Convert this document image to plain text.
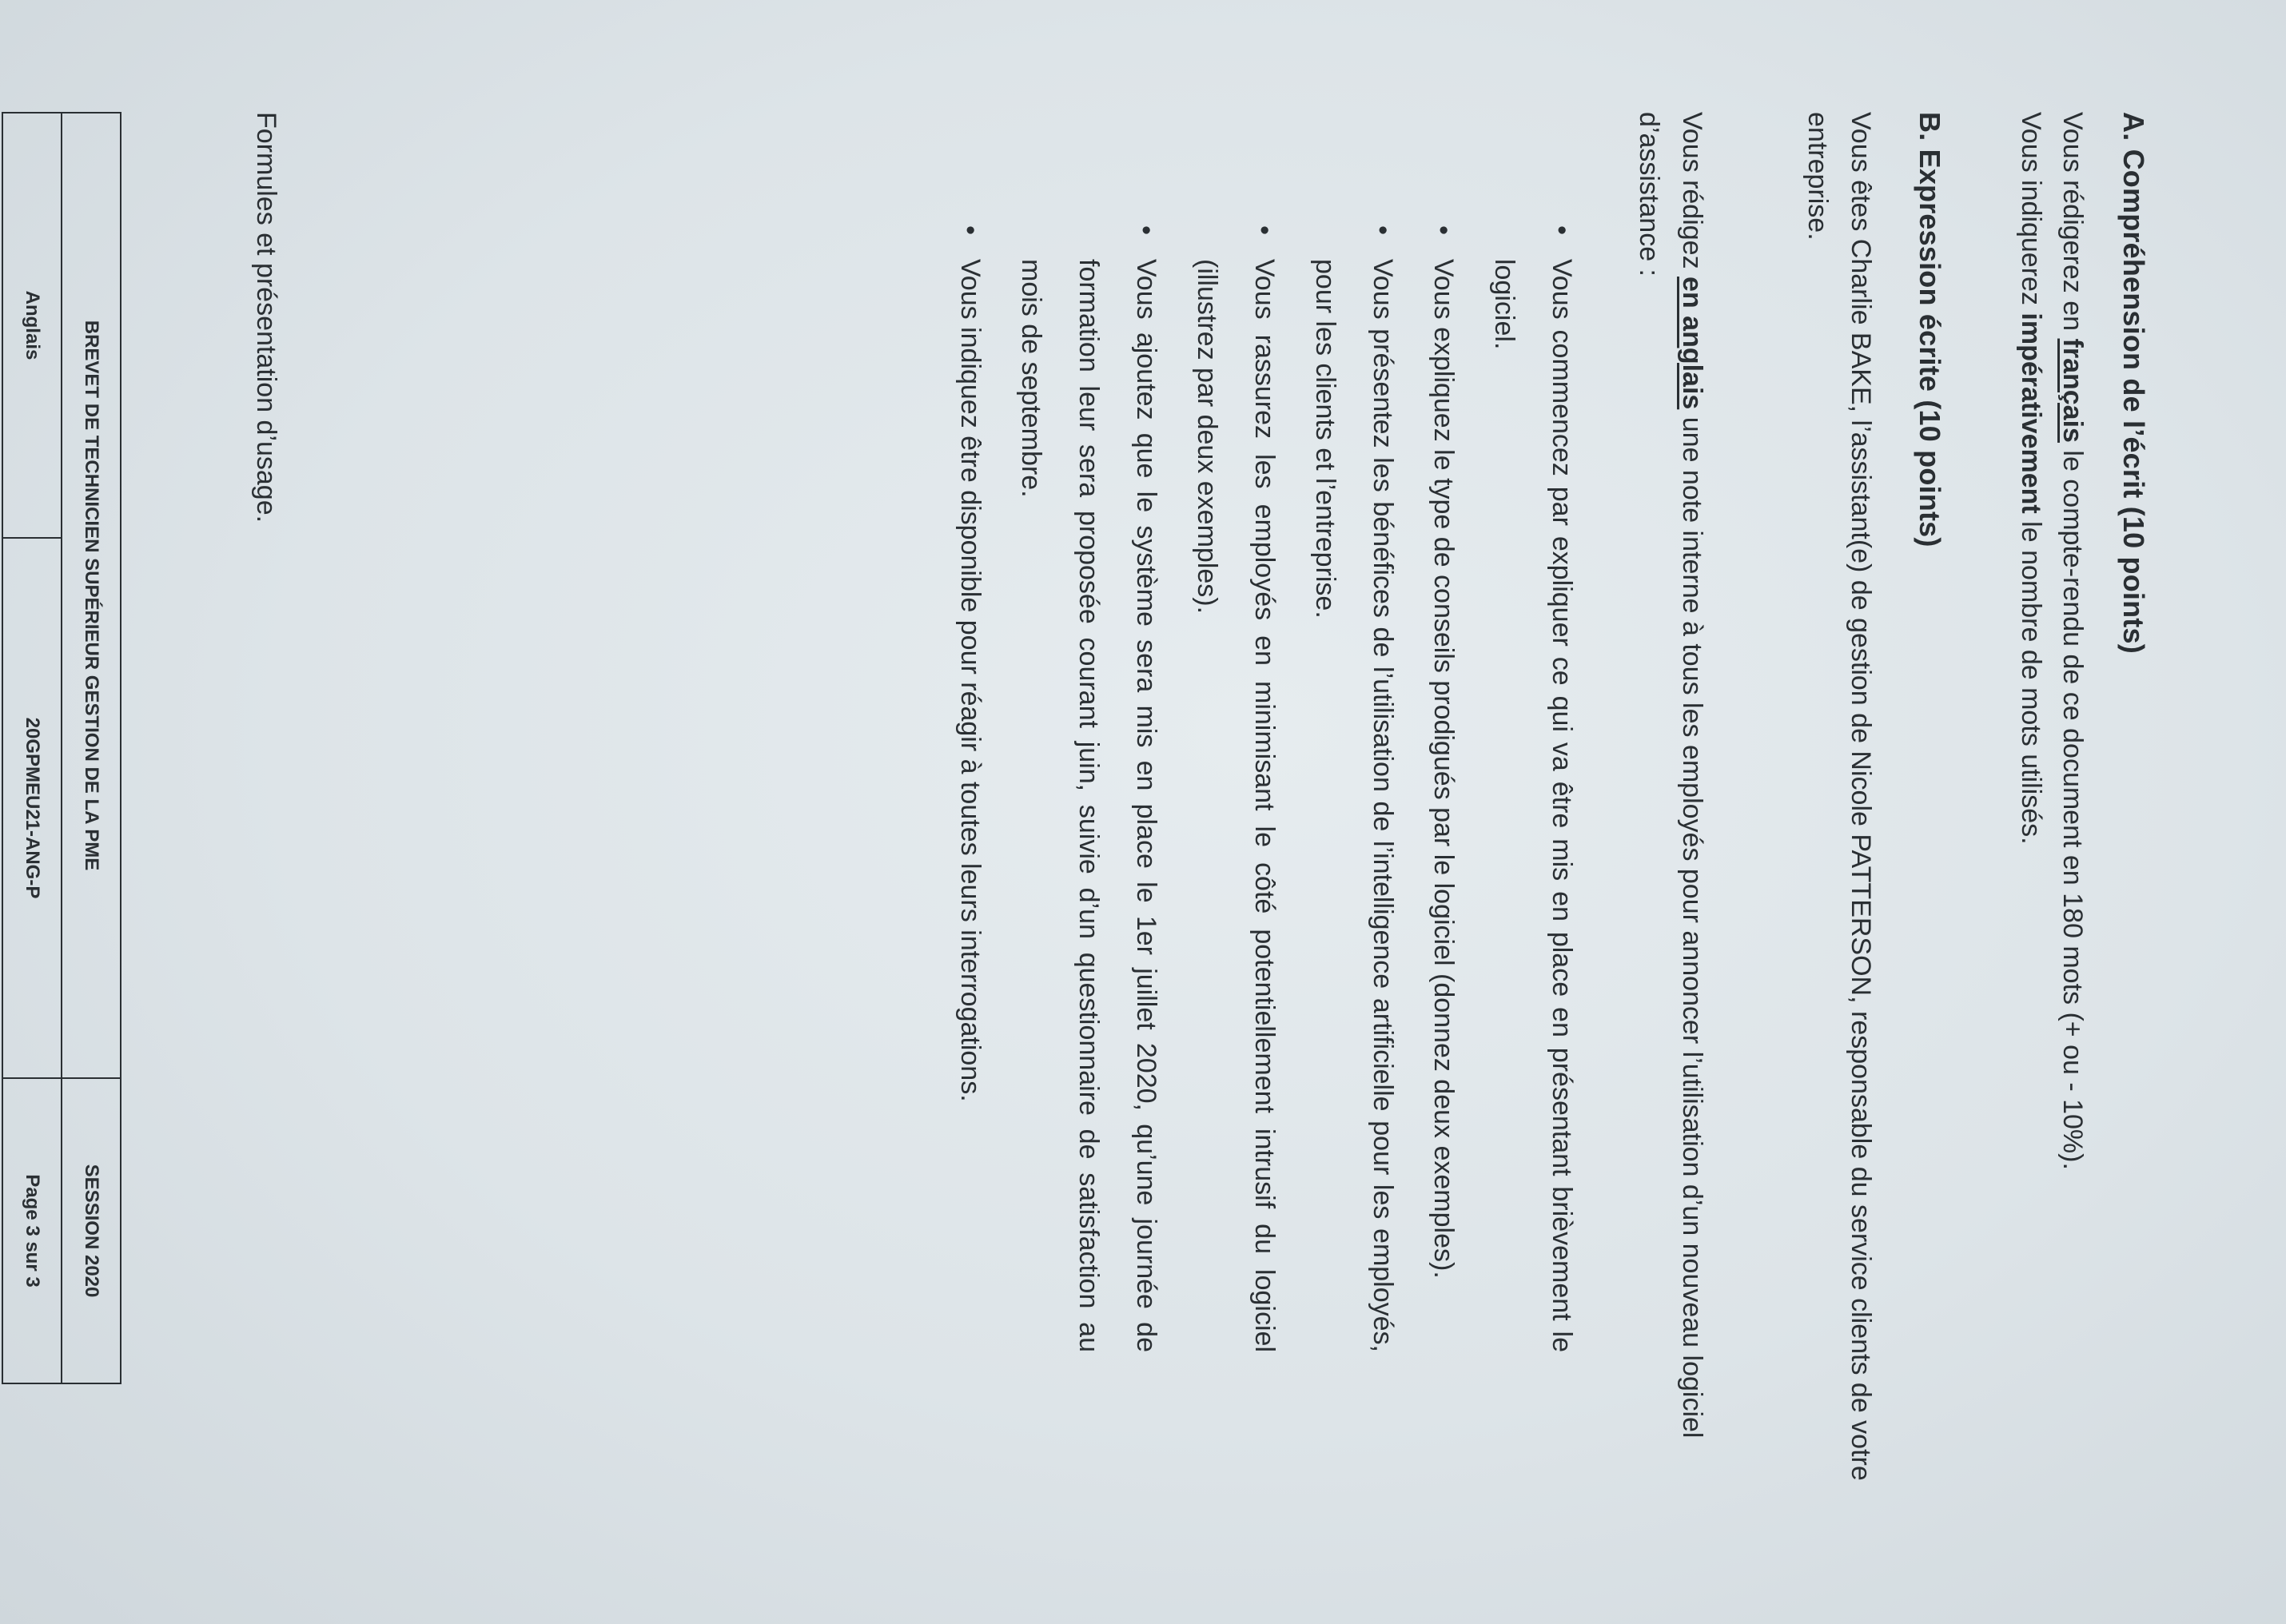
A. Compréhension de l’écrit (10 points)
Vous rédigerez en français le compte-rendu de ce document en 180 mots (+ ou - 10%).
Vous indiquerez impérativement le nombre de mots utilisés.
B. Expression écrite (10 points)
Vous êtes Charlie BAKE, l’assistant(e) de gestion de Nicole PATTERSON, responsable du service clients de votre entreprise.
Vous rédigez en anglais une note interne à tous les employés pour annoncer l’utilisation d’un nouveau logiciel d’assistance :
•
Vous commencez par expliquer ce qui va être mis en place en présentant brièvement le logiciel.
•
Vous expliquez le type de conseils prodigués par le logiciel (donnez deux exemples).
•
Vous présentez les bénéfices de l’utilisation de l’intelligence artificielle pour les employés, pour les clients et l’entreprise.
•
Vous rassurez les employés en minimisant le côté potentiellement intrusif du logiciel (illustrez par deux exemples).
•
Vous ajoutez que le système sera mis en place le 1er juillet 2020, qu’une journée de formation leur sera proposée courant juin, suivie d’un questionnaire de satisfaction au mois de septembre.
•
Vous indiquez être disponible pour réagir à toutes leurs interrogations.
Formules et présentation d’usage.
BREVET DE TECHNICIEN SUPÉRIEUR GESTION DE LA PME		SESSION 2020
Anglais	20GPMEU21-ANG-P	Page 3 sur 3
